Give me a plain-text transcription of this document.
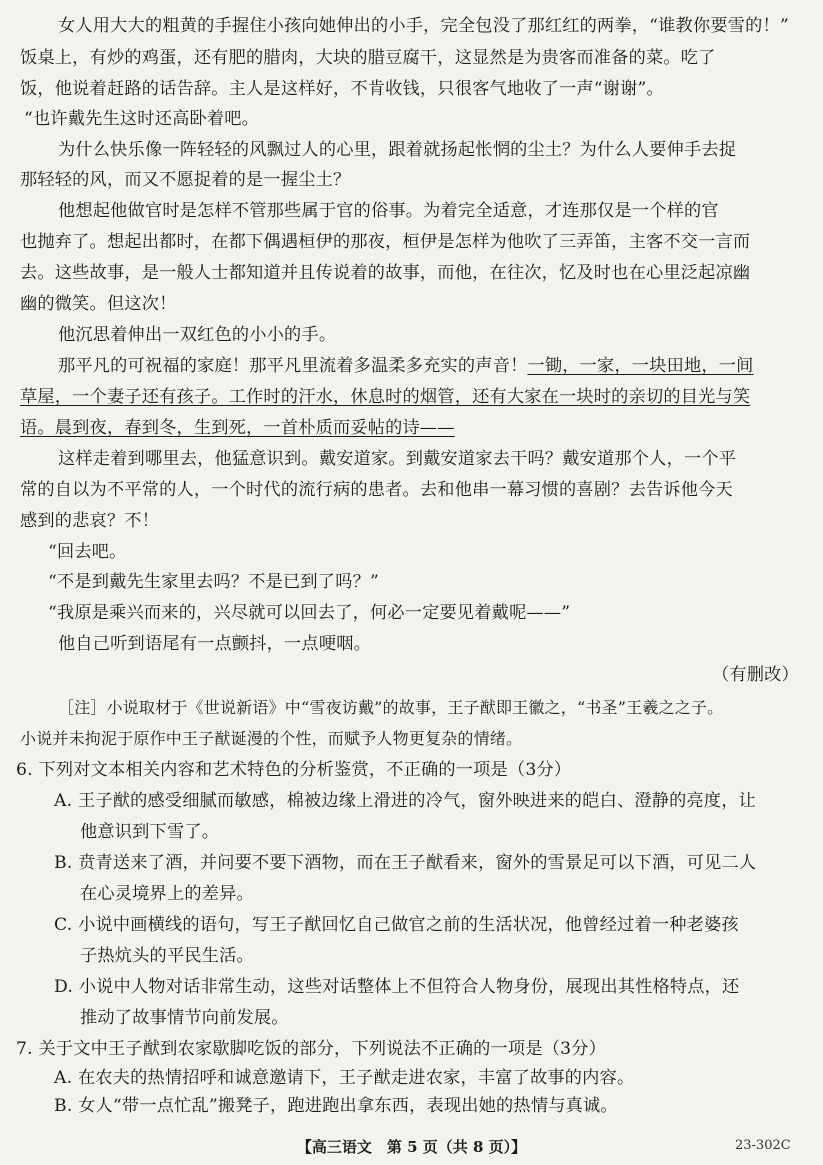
女人用大大的粗黄的手握住小孩向她伸出的小手，完全包没了那红红的两拳，“谁教你要雪的！”
饭桌上，有炒的鸡蛋，还有肥的腊肉，大块的腊豆腐干，这显然是为贵客而准备的菜。吃了
饭，他说着赶路的话告辞。主人是这样好，不肯收钱，只很客气地收了一声“谢谢”。
“也许戴先生这时还高卧着吧。
为什么快乐像一阵轻轻的风飘过人的心里，跟着就扬起怅惘的尘土？为什么人要伸手去捉
那轻轻的风，而又不愿捉着的是一握尘土？
他想起他做官时是怎样不管那些属于官的俗事。为着完全适意，才连那仅是一个样的官
也抛弃了。想起出都时，在都下偶遇桓伊的那夜，桓伊是怎样为他吹了三弄笛，主客不交一言而
去。这些故事，是一般人士都知道并且传说着的故事，而他，在往次，忆及时也在心里泛起凉幽
幽的微笑。但这次！
他沉思着伸出一双红色的小小的手。
那平凡的可祝福的家庭！那平凡里流着多温柔多充实的声音！一锄，一家，一块田地，一间
草屋，一个妻子还有孩子。工作时的汗水，休息时的烟管，还有大家在一块时的亲切的目光与笑
语。晨到夜，春到冬，生到死，一首朴质而妥帖的诗——
这样走着到哪里去，他猛意识到。戴安道家。到戴安道家去干吗？戴安道那个人，一个平
常的自以为不平常的人，一个时代的流行病的患者。去和他串一幕习惯的喜剧？去告诉他今天
感到的悲哀？不！
“回去吧。
“不是到戴先生家里去吗？不是已到了吗？”
“我原是乘兴而来的，兴尽就可以回去了，何必一定要见着戴呢——”
他自己听到语尾有一点颤抖，一点哽咽。
（有删改）
［注］小说取材于《世说新语》中“雪夜访戴”的故事，王子猷即王徽之，“书圣”王羲之之子。
小说并未拘泥于原作中王子猷诞漫的个性，而赋予人物更复杂的情绪。
6. 下列对文本相关内容和艺术特色的分析鉴赏，不正确的一项是（3分）
A. 王子猷的感受细腻而敏感，棉被边缘上滑进的冷气，窗外映进来的皑白、澄静的亮度，让
他意识到下雪了。
B. 贲青送来了酒，并问要不要下酒物，而在王子猷看来，窗外的雪景足可以下酒，可见二人
在心灵境界上的差异。
C. 小说中画横线的语句，写王子猷回忆自己做官之前的生活状况，他曾经过着一种老婆孩
子热炕头的平民生活。
D. 小说中人物对话非常生动，这些对话整体上不但符合人物身份，展现出其性格特点，还
推动了故事情节向前发展。
7. 关于文中王子猷到农家歇脚吃饭的部分，下列说法不正确的一项是（3分）
A. 在农夫的热情招呼和诚意邀请下，王子猷走进农家，丰富了故事的内容。
B. 女人“带一点忙乱”搬凳子，跑进跑出拿东西，表现出她的热情与真诚。
【高三语文　第 5 页（共 8 页）】	23-302C
